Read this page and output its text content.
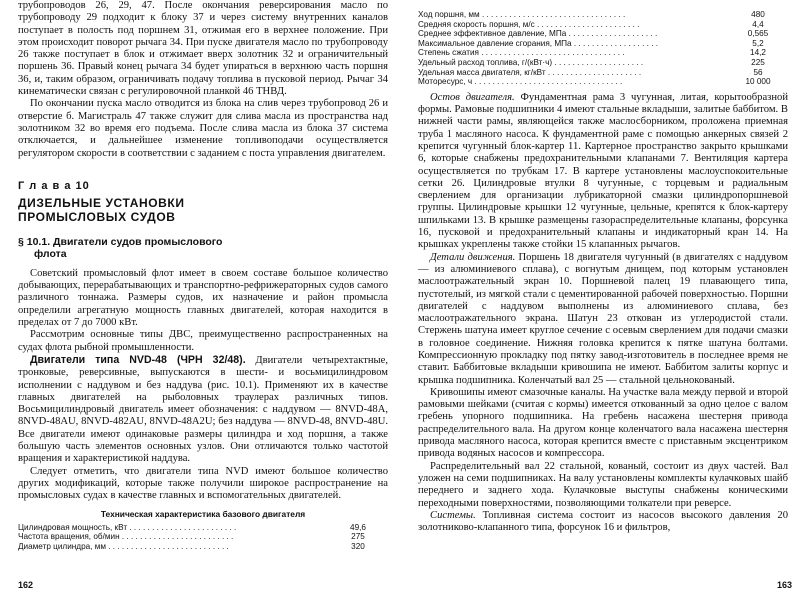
трубопроводов 26, 29, 47. После окончания реверсирования масло по трубопроводу 29 подходит к блоку 37 и через систему внутренних каналов поступает в полость под поршнем 31, отжимая его в верхнее положение. При этом происходит поворот рычага 34. При пуске двигателя масло по трубопроводу 26 также поступает в блок и отжимает вверх золотник 32 и ограничительный поршень 36. Правый конец рычага 34 будет упираться в верхнюю часть поршня 36, и, таким образом, ограничивать подачу топлива в пусковой период. Рычаг 34 кинематически связан с регулировочной планкой 46 ТНВД.

По окончании пуска масло отводится из блока на слив через трубопровод 26 и отверстие б. Магистраль 47 также служит для слива масла из пространства над золотником 32 во время его подъема. После слива масла из блока 37 система отключается, и дальнейшее изменение топливоподачи осуществляется регулятором скорости в соответствии с заданием с поста управления двигателем.

Г л а в а 10
ДИЗЕЛЬНЫЕ УСТАНОВКИ
ПРОМЫСЛОВЫХ СУДОВ
§ 10.1. Двигатели судов промыслового
флота

Советский промысловый флот имеет в своем составе большое количество добывающих, перерабатывающих и транспортно-рефрижераторных судов самого различного тоннажа. Размеры судов, их назначение и район промысла определили агрегатную мощность главных двигателей, которая находится в пределах от 7 до 7000 кВт.

Рассмотрим основные типы ДВС, преимущественно распространенных на судах флота рыбной промышленности.

Двигатели типа NVD-48 (ЧРН 32/48). Двигатели четырехтактные, тронковые, реверсивные, выпускаются в шести- и восьмицилиндровом исполнении с наддувом и без наддува (рис. 10.1). Применяют их в качестве главных двигателей на рыболовных траулерах различных типов. Восьмицилиндровый двигатель имеет обозначения: с наддувом — 8NVD-48A, 8NVD-48AU, 8NVD-482AU, 8NVD-48A2U; без наддува — 8NVD-48, 8NVD-48U. Все двигатели имеют одинаковые размеры цилиндра и ход поршня, а также большую часть элементов основных узлов. Они отличаются только частотой вращения и характеристикой наддува.

Следует отметить, что двигатели типа NVD имеют большое количество других модификаций, которые также получили широкое распространение на промысловых судах в качестве главных и вспомогательных двигателей.

Техническая характеристика базового двигателя
Цилиндровая мощность, кВт . . . . . . . . . . . . . . . . . . . . . . . .	49,6
Частота вращения, об/мин . . . . . . . . . . . . . . . . . . . . . . . . .	275
Диаметр цилиндра, мм . . . . . . . . . . . . . . . . . . . . . . . . . . .	320
162
Ход поршня, мм . . . . . . . . . . . . . . . . . . . . . . . . . . . . . . . .	480
Средняя скорость поршня, м/с . . . . . . . . . . . . . . . . . . . . . . .	4,4
Среднее эффективное давление, МПа . . . . . . . . . . . . . . . . . . . .	0,565
Максимальное давление сгорания, МПа . . . . . . . . . . . . . . . . . . .	5,2
Степень сжатия . . . . . . . . . . . . . . . . . . . . . . . . . . . . . . . .	14,2
Удельный расход топлива, г/(кВт·ч) . . . . . . . . . . . . . . . . . . . .	225
Удельная масса двигателя, кг/кВт . . . . . . . . . . . . . . . . . . . . .	56
Моторесурс, ч . . . . . . . . . . . . . . . . . . . . . . . . . . . . . . . . .	10 000

Остов двигателя. Фундаментная рама 3 чугунная, литая, корытообразной формы. Рамовые подшипники 4 имеют стальные вкладыши, залитые баббитом. В нижней части рамы, являющейся также маслосборником, проложена приемная труба 1 масляного насоса. К фундаментной раме с помощью анкерных связей 2 крепится чугунный блок-картер 11. Картерное пространство закрыто крышками 6, которые снабжены предохранительными клапанами 7. Вентиляция картера осуществляется по трубкам 17. В картере установлены маслоуспокоительные сетки 26. Цилиндровые втулки 8 чугунные, с торцевым и радиальным сверлением для организации лубрикаторной смазки цилиндропоршневой группы. Цилиндровые крышки 12 чугунные, цельные, крепятся к блок-картеру шпильками 13. В крышке размещены газораспределительные клапаны, форсунка 16, пусковой и предохранительный клапаны и индикаторный кран 14. На крышках укреплены также стойки 15 клапанных рычагов.

Детали движения. Поршень 18 двигателя чугунный (в двигателях с наддувом — из алюминиевого сплава), с вогнутым днищем, под которым установлен маслоотражательный экран 10. Поршневой палец 19 плавающего типа, пустотелый, из мягкой стали с цементированной рабочей поверхностью. Поршни двигателей с наддувом выполнены из алюминиевого сплава, без маслоотражательного экрана. Шатун 23 откован из углеродистой стали. Стержень шатуна имеет круглое сечение с осевым сверлением для подачи смазки в головное соединение. Нижняя головка крепится к пятке шатуна болтами. Компрессионную прокладку под пятку завод-изготовитель в последнее время не ставит. Баббитовые вкладыши кривошипа не имеют. Баббитом залиты корпус и крышка подшипника. Коленчатый вал 25 — стальной цельнокованый.

Кривошипы имеют смазочные каналы. На участке вала между первой и второй рамовыми шейками (считая с кормы) имеется откованный за одно целое с валом гребень упорного подшипника. На гребень насажена шестерня привода распределительного вала. На другом конце коленчатого вала насажена шестерня привода масляного насоса, которая крепится вместе с приставным эксцентриком привода водяных насосов и компрессора.

Распределительный вал 22 стальной, кованый, состоит из двух частей. Вал уложен на семи подшипниках. На валу установлены комплекты кулачковых шайб переднего и заднего хода. Кулачковые выступы снабжены коническими переходными поверхностями, позволяющими толкатели при реверсе.

Системы. Топливная система состоит из насосов высокого давления 20 золотниково-клапанного типа, форсунок 16 и фильтров,

163
